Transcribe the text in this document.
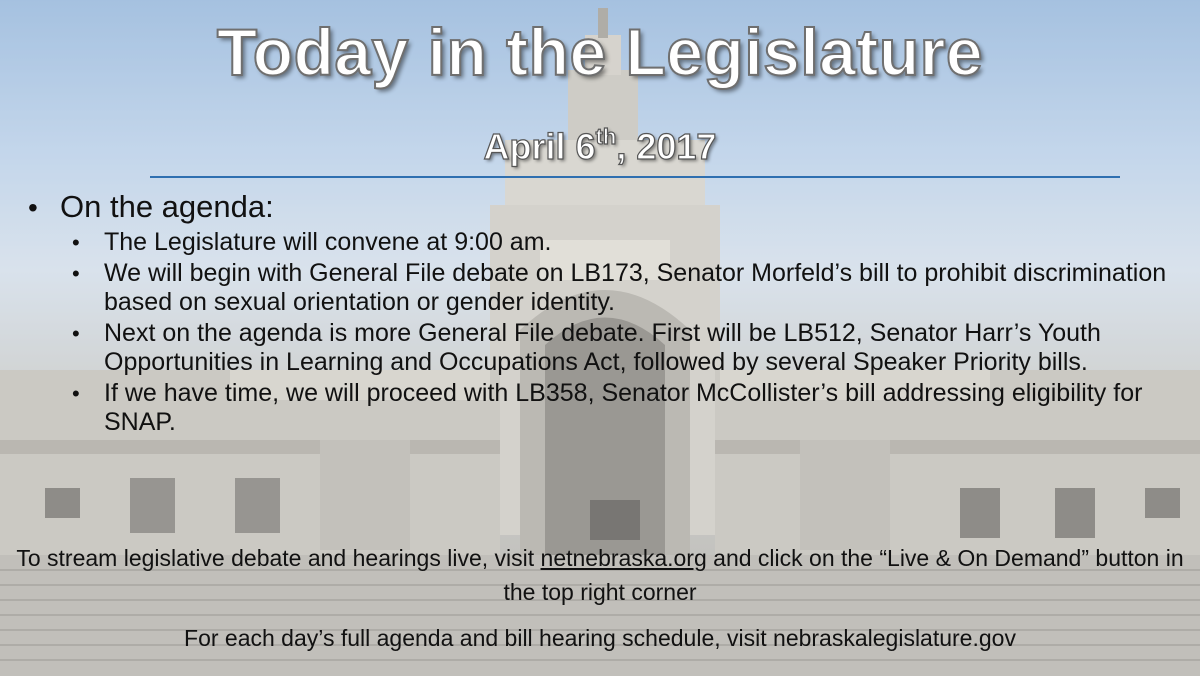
Today in the Legislature
April 6th, 2017
• On the agenda:
• The Legislature will convene at 9:00 am.
• We will begin with General File debate on LB173, Senator Morfeld’s bill to prohibit discrimination based on sexual orientation or gender identity.
• Next on the agenda is more General File debate. First will be LB512, Senator Harr’s Youth Opportunities in Learning and Occupations Act, followed by several Speaker Priority bills.
• If we have time, we will proceed with LB358, Senator McCollister’s bill addressing eligibility for SNAP.
To stream legislative debate and hearings live, visit netnebraska.org and click on the “Live & On Demand” button in the top right corner
For each day’s full agenda and bill hearing schedule, visit nebraskalegislature.gov
